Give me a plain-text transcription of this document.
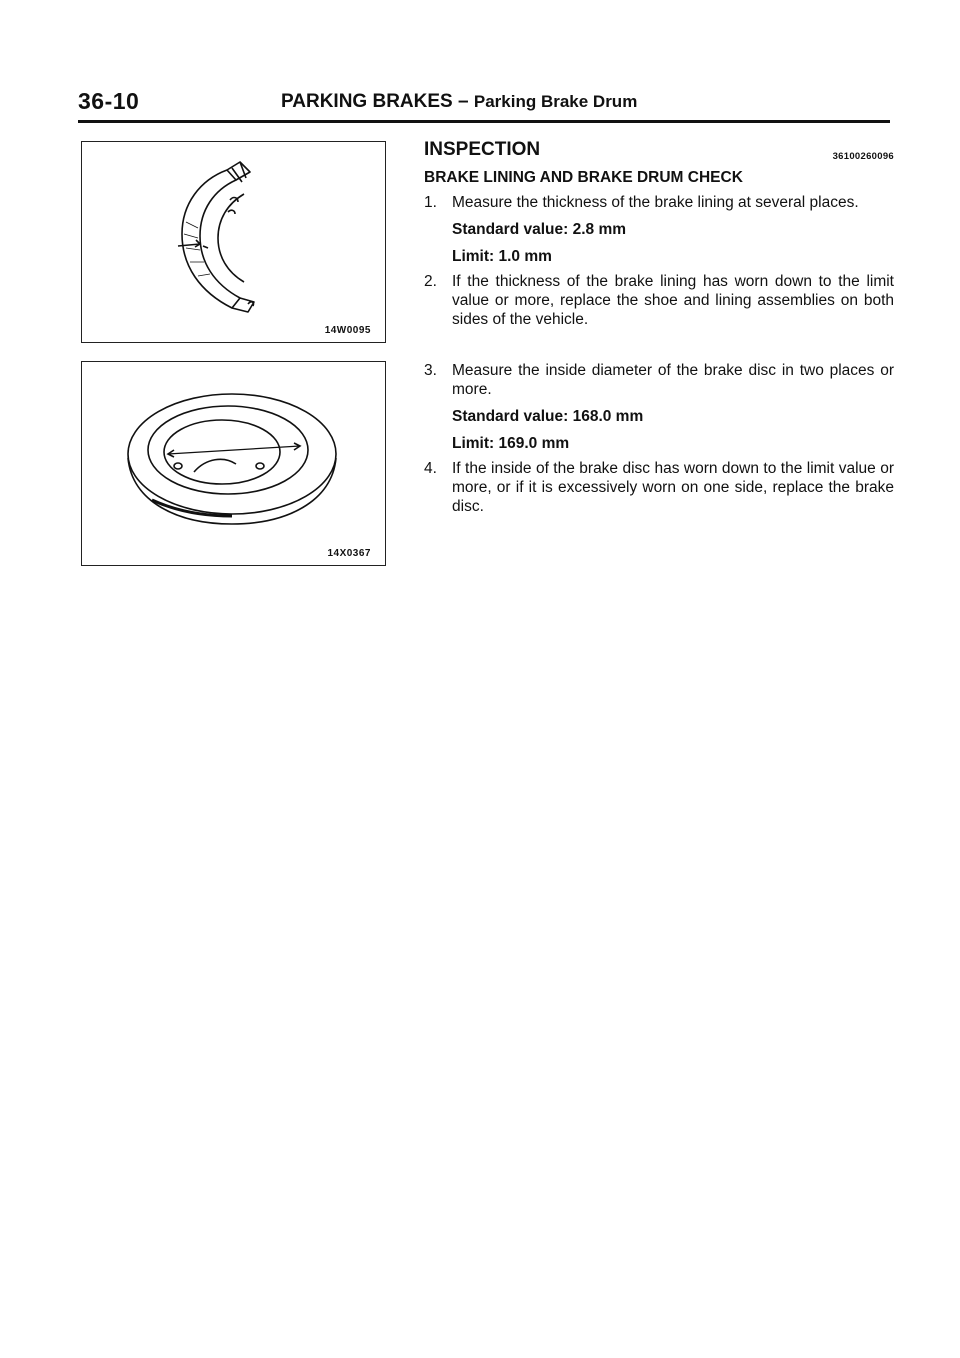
36-10	PARKING BRAKES – Parking Brake Drum
14W0095
14X0367
INSPECTION	36100260096
BRAKE LINING AND BRAKE DRUM CHECK
1. Measure the thickness of the brake lining at several places.
Standard value: 2.8 mm
Limit: 1.0 mm
2. If the thickness of the brake lining has worn down to the limit value or more, replace the shoe and lining assemblies on both sides of the vehicle.
3. Measure the inside diameter of the brake disc in two places or more.
Standard value: 168.0 mm
Limit: 169.0 mm
4. If the inside of the brake disc has worn down to the limit value or more, or if it is excessively worn on one side, replace the brake disc.
